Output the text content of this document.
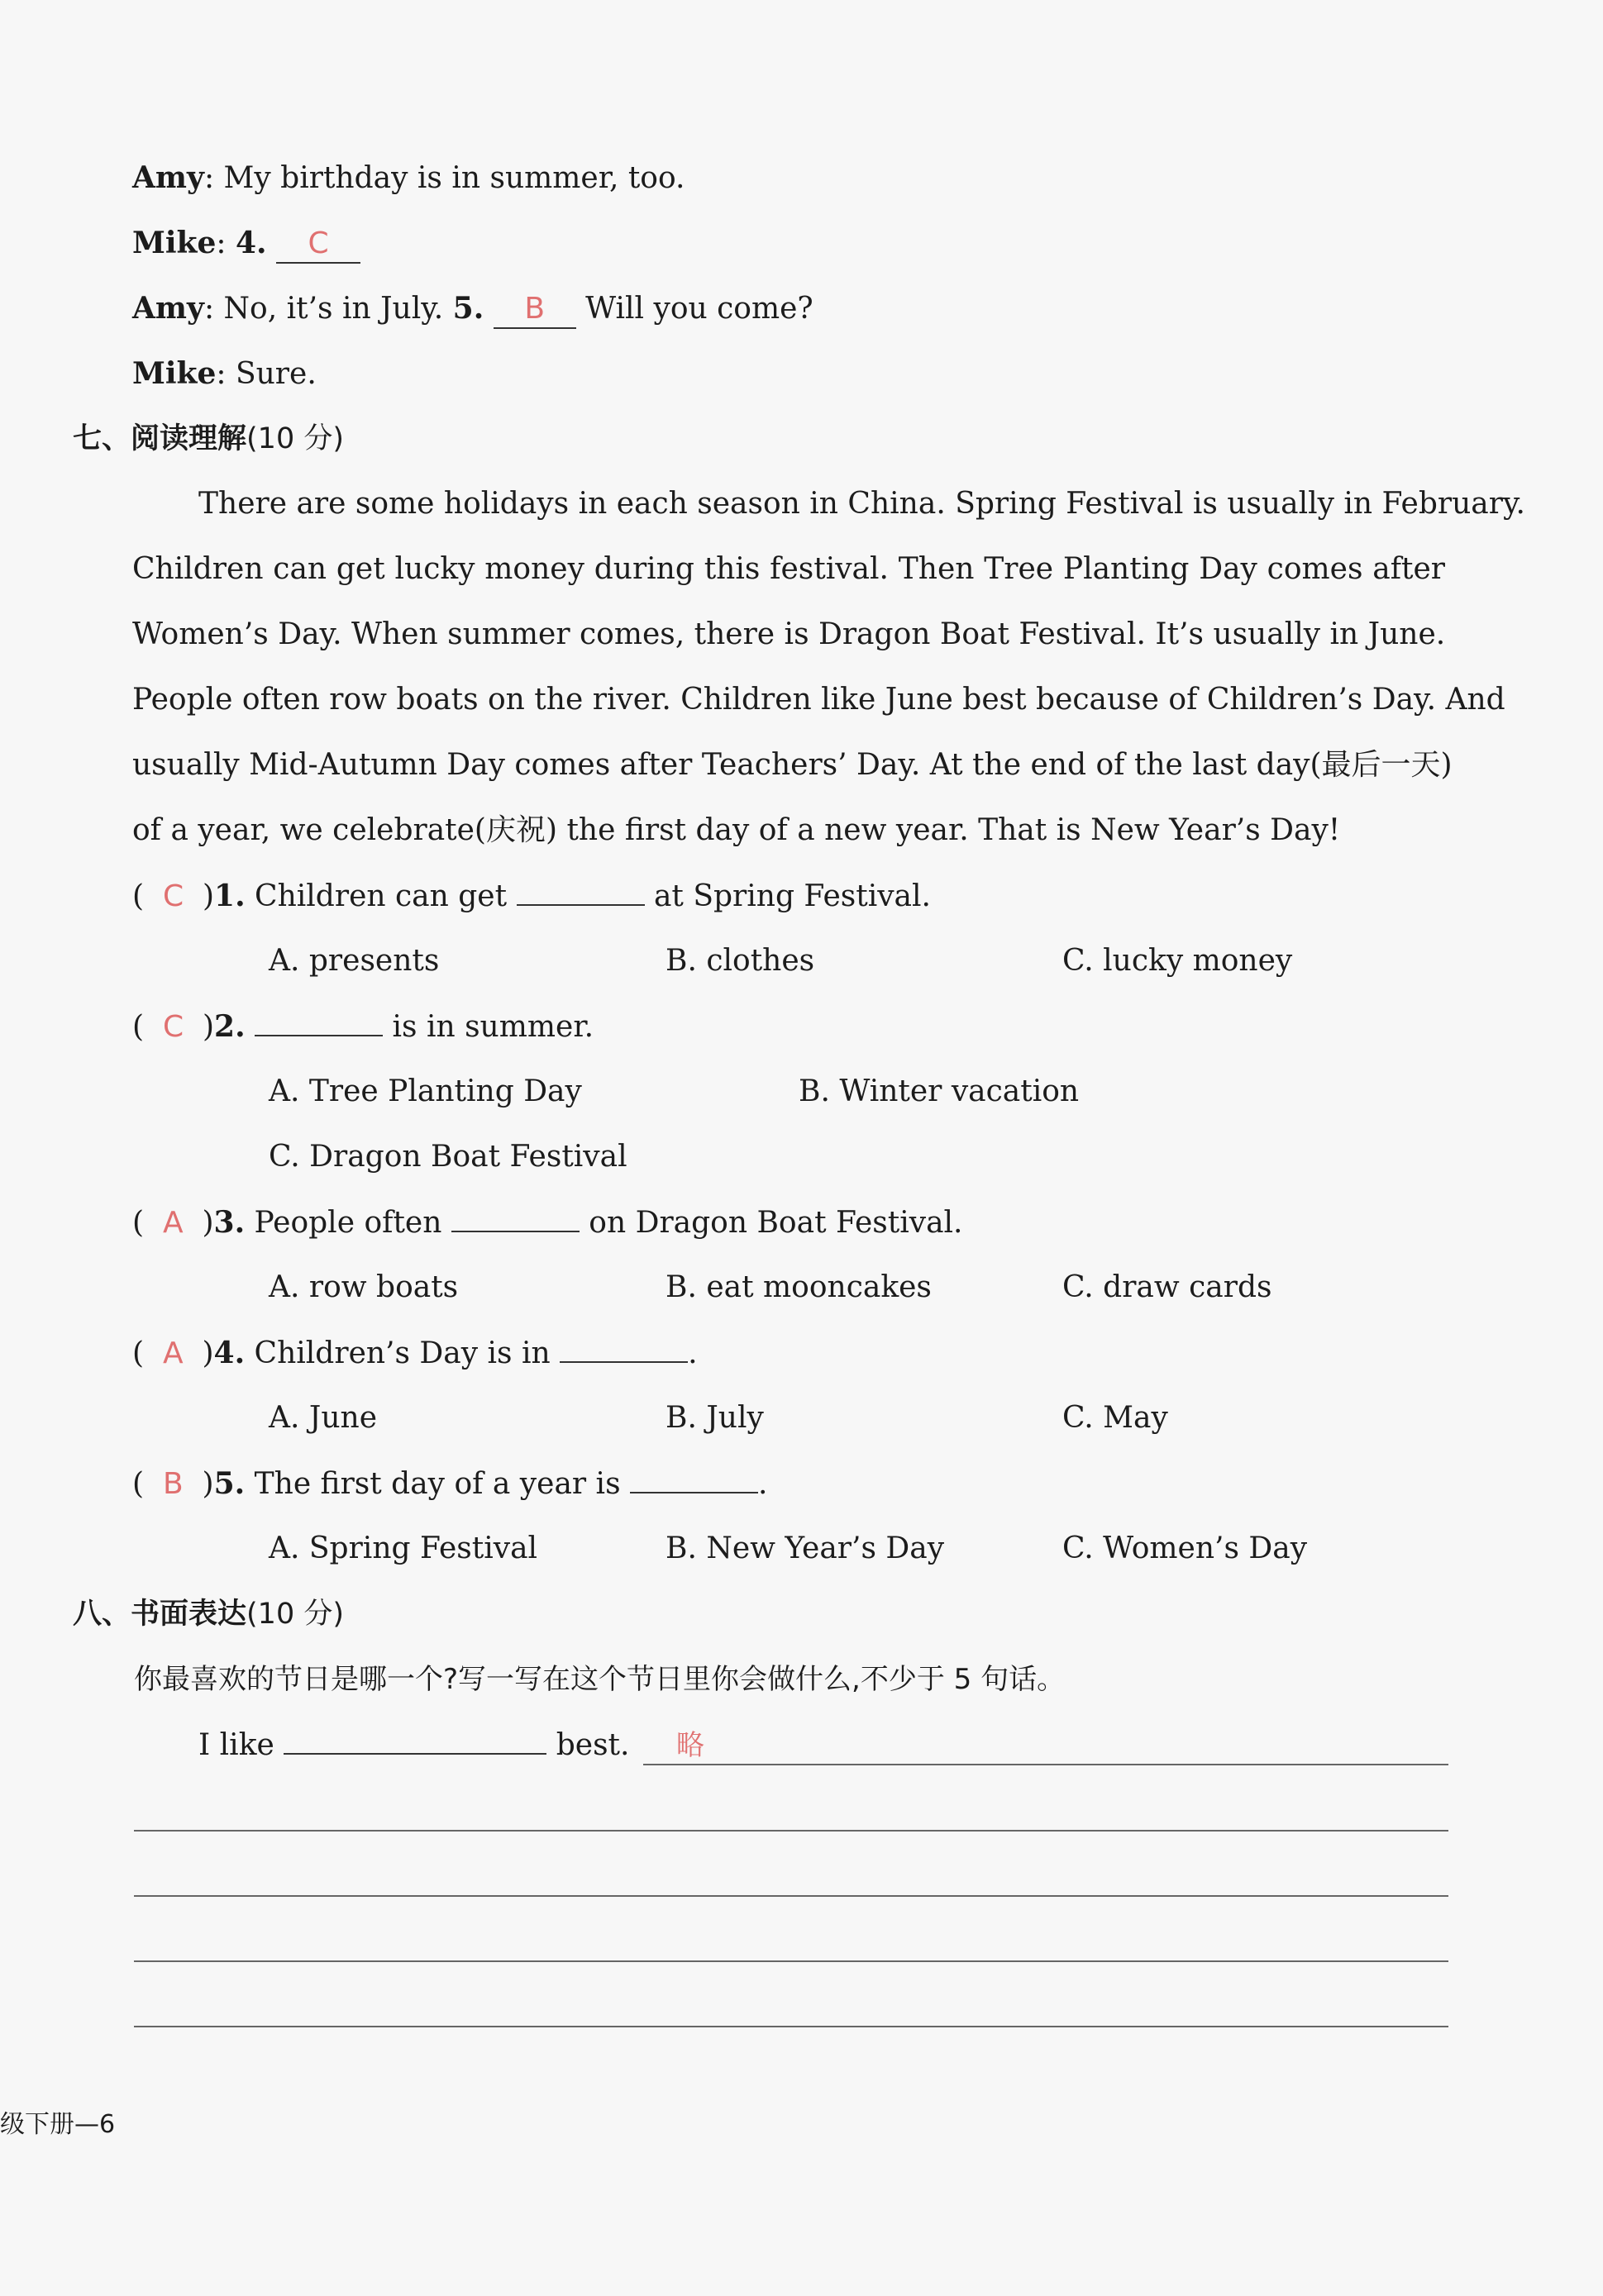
Amy: My birthday is in summer, too.
Mike: 4. C
Amy: No, it’s in July. 5. B Will you come?
Mike: Sure.
七、阅读理解(10 分)
There are some holidays in each season in China. Spring Festival is usually in February.
Children can get lucky money during this festival. Then Tree Planting Day comes after
Women’s Day. When summer comes, there is Dragon Boat Festival. It’s usually in June.
People often row boats on the river. Children like June best because of Children’s Day. And
usually Mid-Autumn Day comes after Teachers’ Day. At the end of the last day(最后一天)
of a year, we celebrate(庆祝) the first day of a new year. That is New Year’s Day!
(  C  )1. Children can get	at Spring Festival.
A. presents	B. clothes	C. lucky money
(  C  )2.	is in summer.
A. Tree Planting Day	B. Winter vacation
C. Dragon Boat Festival
(  A  )3. People often	on Dragon Boat Festival.
A. row boats	B. eat mooncakes	C. draw cards
(  A  )4. Children’s Day is in	.
A. June	B. July	C. May
(  B  )5. The first day of a year is	.
A. Spring Festival	B. New Year’s Day	C. Women’s Day
八、书面表达(10 分)
你最喜欢的节日是哪一个?写一写在这个节日里你会做什么,不少于 5 句话。
I like	best. 略
级下册—6
